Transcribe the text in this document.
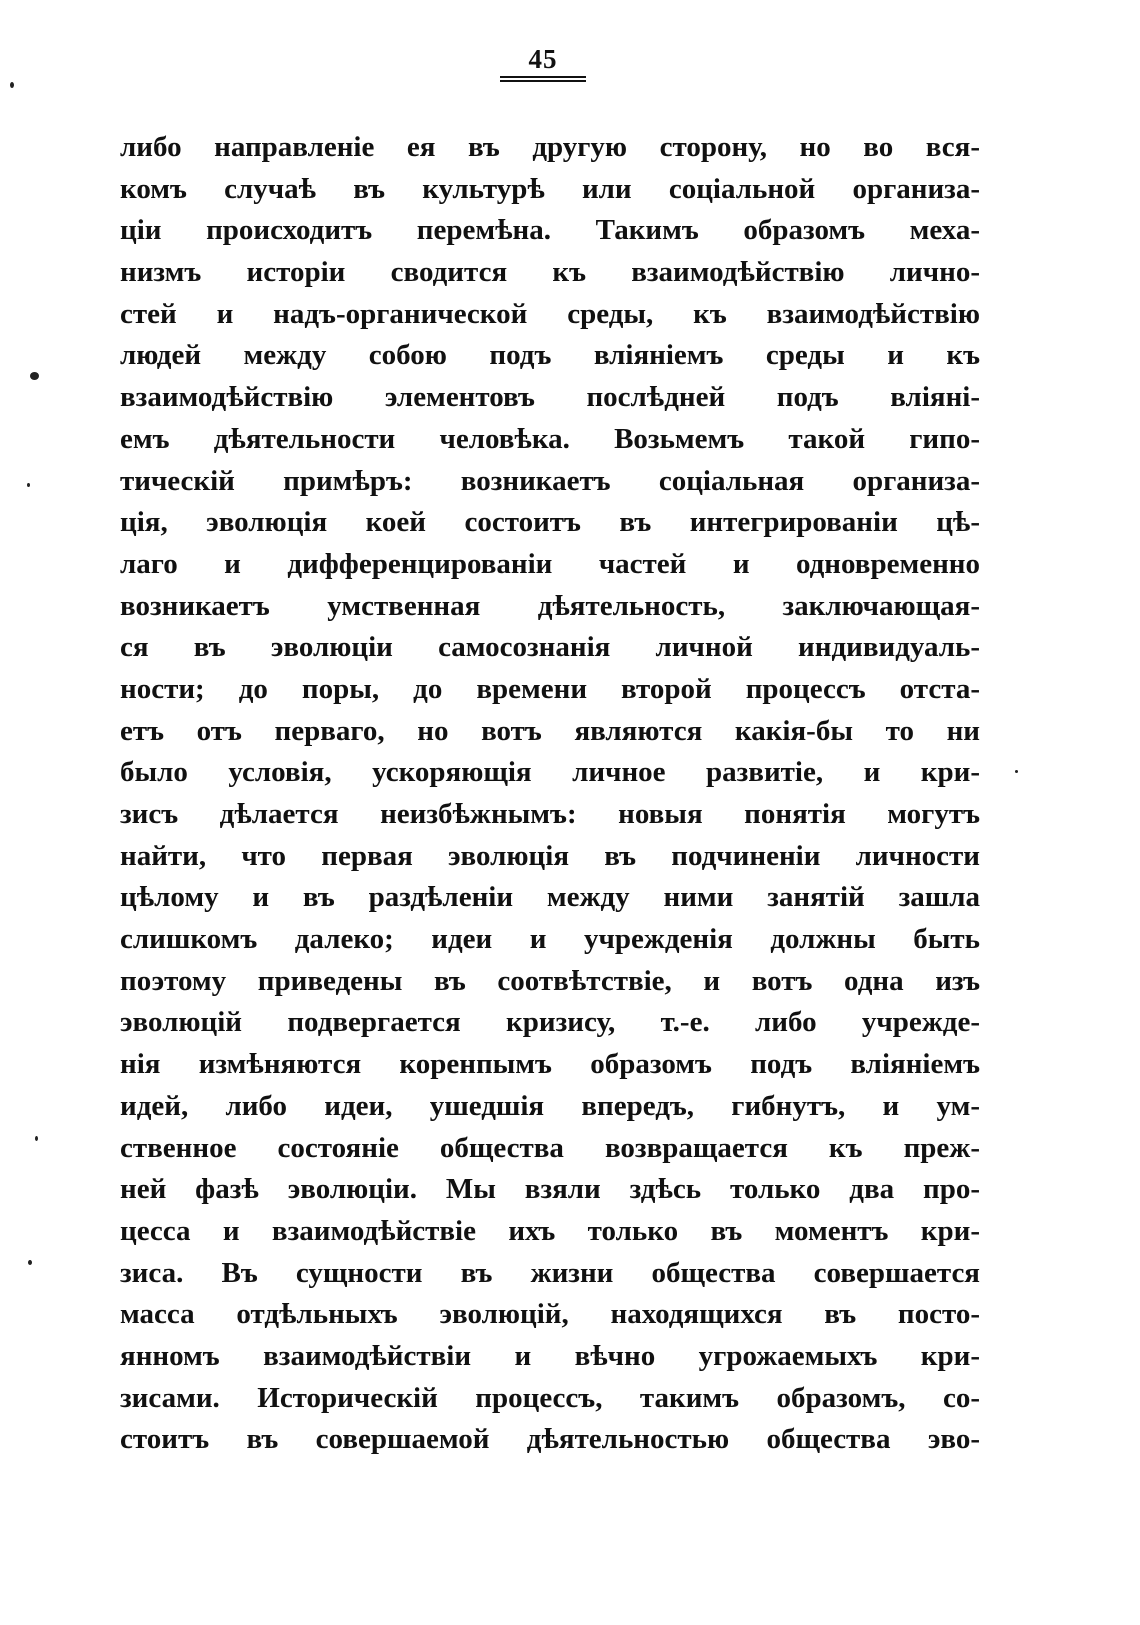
45
либо направленіе ея въ другую сторону, но во вся-
комъ случаѣ въ культурѣ или соціальной организа-
ціи происходитъ перемѣна. Такимъ образомъ меха-
низмъ исторіи сводится къ взаимодѣйствію лично-
стей и надъ-органической среды, къ взаимодѣйствію
людей между собою подъ вліяніемъ среды и къ
взаимодѣйствію элементовъ послѣдней подъ вліяні-
емъ дѣятельности человѣка. Возьмемъ такой гипо-
тическій примѣръ: возникаетъ соціальная организа-
ція, эволюція коей состоитъ въ интегрированіи цѣ-
лаго и дифференцированіи частей и одновременно
возникаетъ умственная дѣятельность, заключающая-
ся въ эволюціи самосознанія личной индивидуаль-
ности; до поры, до времени второй процессъ отста-
етъ отъ перваго, но вотъ являются какія-бы то ни
было условія, ускоряющія личное развитіе, и кри-
зисъ дѣлается неизбѣжнымъ: новыя понятія могутъ
найти, что первая эволюція въ подчиненіи личности
цѣлому и въ раздѣленіи между ними занятій зашла
слишкомъ далеко; идеи и учрежденія должны быть
поэтому приведены въ соотвѣтствіе, и вотъ одна изъ
эволюцій подвергается кризису, т.-е. либо учрежде-
нія измѣняются коренпымъ образомъ подъ вліяніемъ
идей, либо идеи, ушедшія впередъ, гибнутъ, и ум-
ственное состояніе общества возвращается къ преж-
ней фазѣ эволюціи. Мы взяли здѣсь только два про-
цесса и взаимодѣйствіе ихъ только въ моментъ кри-
зиса. Въ сущности въ жизни общества совершается
масса отдѣльныхъ эволюцій, находящихся въ посто-
янномъ взаимодѣйствіи и вѣчно угрожаемыхъ кри-
зисами. Историческій процессъ, такимъ образомъ, со-
стоитъ въ совершаемой дѣятельностью общества эво-
